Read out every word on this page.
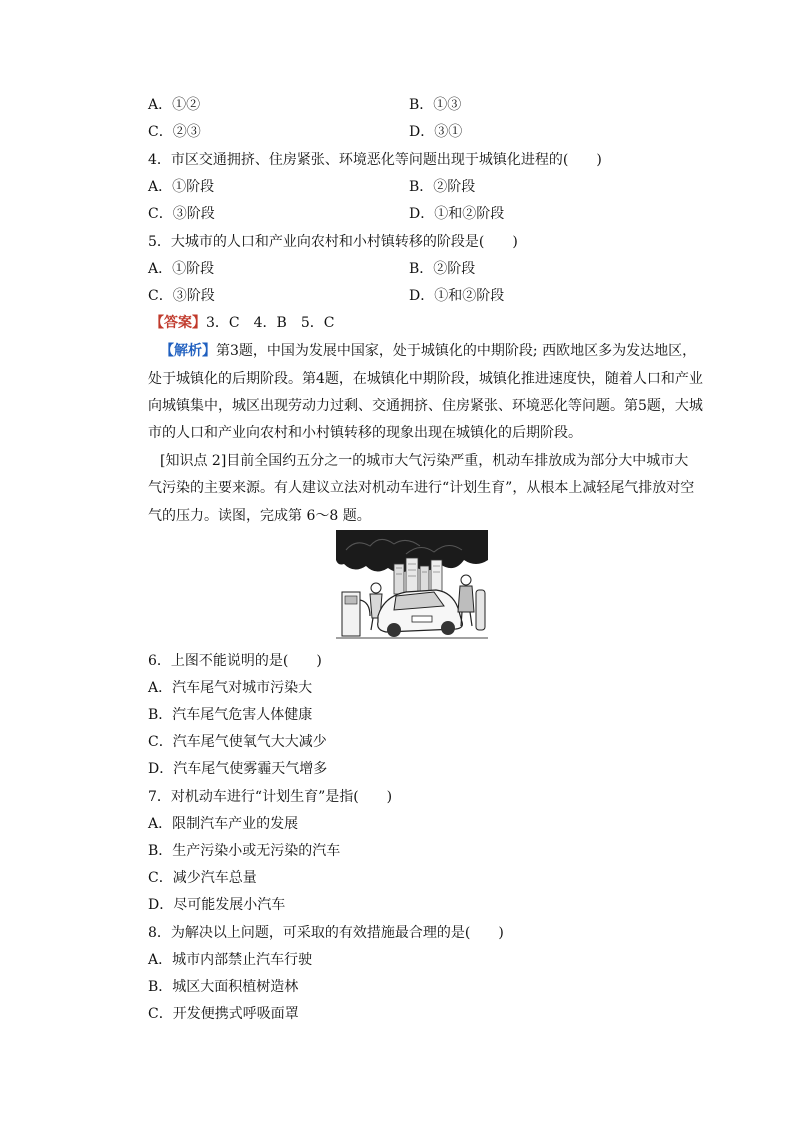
A．①②	B．①③
C．②③	D．③①
4．市区交通拥挤、住房紧张、环境恶化等问题出现于城镇化进程的(　　)
A．①阶段	B．②阶段
C．③阶段	D．①和②阶段
5．大城市的人口和产业向农村和小村镇转移的阶段是(　　)
A．①阶段	B．②阶段
C．③阶段	D．①和②阶段
【答案】3．C　4．B　5．C
【解析】第3题，中国为发展中国家，处于城镇化的中期阶段; 西欧地区多为发达地区，
处于城镇化的后期阶段。第4题，在城镇化中期阶段，城镇化推进速度快，随着人口和产业
向城镇集中，城区出现劳动力过剩、交通拥挤、住房紧张、环境恶化等问题。第5题，大城
市的人口和产业向农村和小村镇转移的现象出现在城镇化的后期阶段。
[知识点 2]目前全国约五分之一的城市大气污染严重，机动车排放成为部分大中城市大
气污染的主要来源。有人建议立法对机动车进行“计划生育”，从根本上减轻尾气排放对空
气的压力。读图，完成第 6～8 题。
6．上图不能说明的是(　　)
A．汽车尾气对城市污染大
B．汽车尾气危害人体健康
C．汽车尾气使氧气大大减少
D．汽车尾气使雾霾天气增多
7．对机动车进行“计划生育”是指(　　)
A．限制汽车产业的发展
B．生产污染小或无污染的汽车
C．减少汽车总量
D．尽可能发展小汽车
8．为解决以上问题，可采取的有效措施最合理的是(　　)
A．城市内部禁止汽车行驶
B．城区大面积植树造林
C．开发便携式呼吸面罩
